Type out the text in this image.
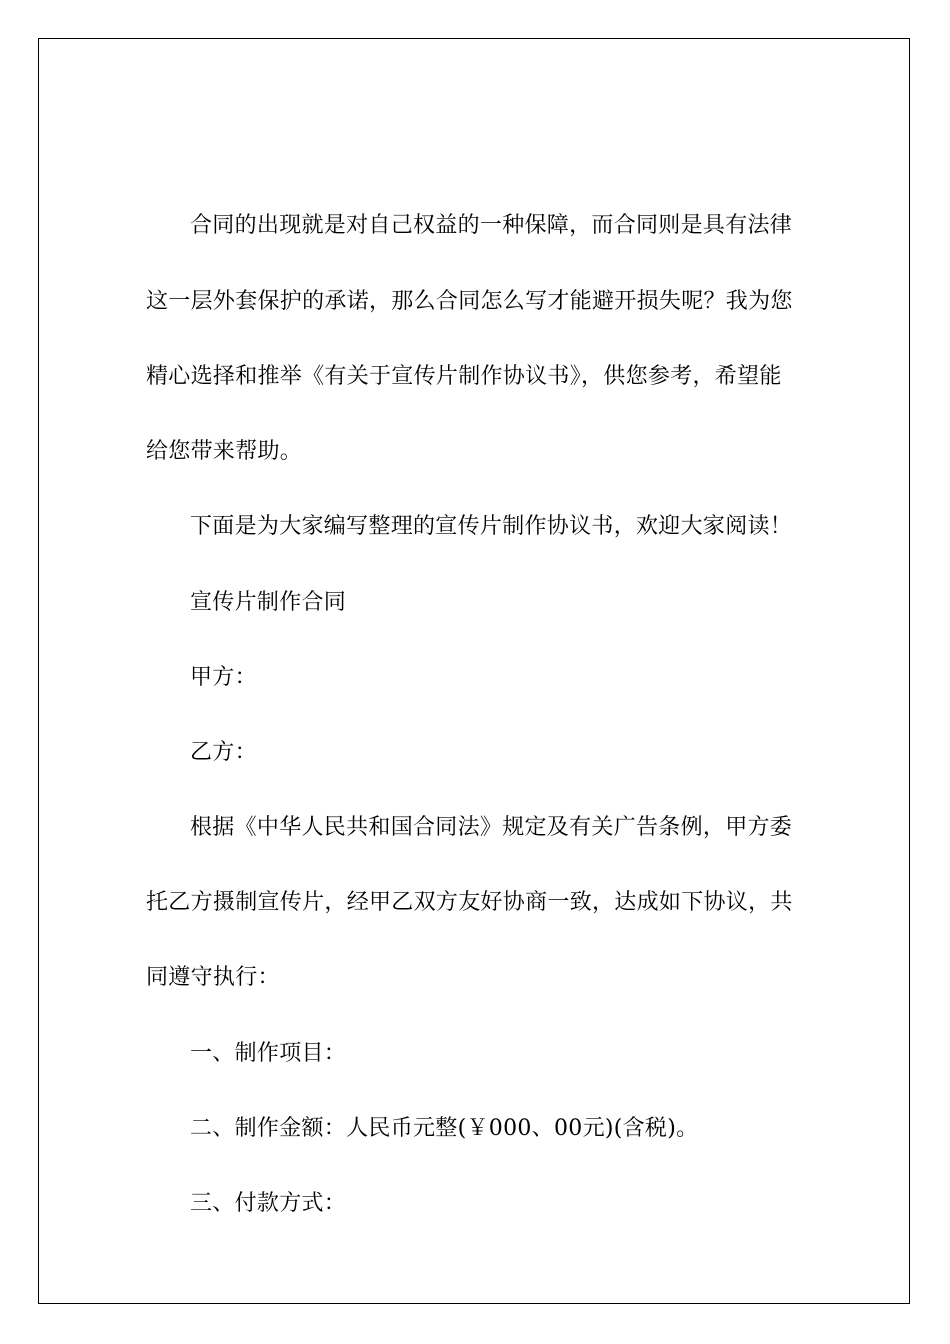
合同的出现就是对自己权益的一种保障，而合同则是具有法律
这一层外套保护的承诺，那么合同怎么写才能避开损失呢？我为您
精心选择和推举《有关于宣传片制作协议书》，供您参考，希望能
给您带来帮助。
下面是为大家编写整理的宣传片制作协议书，欢迎大家阅读！
宣传片制作合同
甲方：
乙方：
根据《中华人民共和国合同法》规定及有关广告条例，甲方委
托乙方摄制宣传片，经甲乙双方友好协商一致，达成如下协议，共
同遵守执行：
一、制作项目：
二、制作金额：人民币元整(￥000、00元)(含税)。
三、付款方式：
